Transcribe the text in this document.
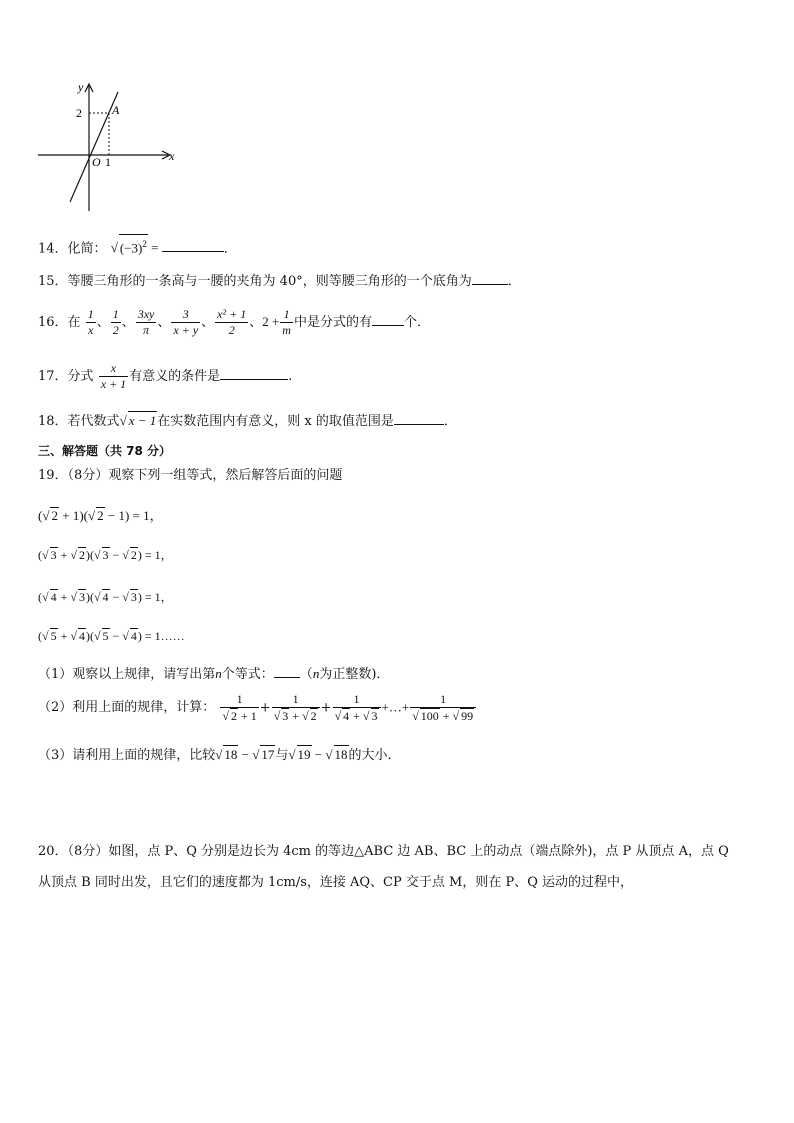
y
x
2
1
O
A
14．化简： √ $(-3)^2$ =	．
15．等腰三角形的一条高与一腰的夹角为 40°，则等腰三角形的一个底角为	．
16．在 $\frac{1}{x}$ 、 $\frac{1}{2}$ 、 $\frac{3xy}{\pi}$ 、 $\frac{3}{x + y}$ 、 $\frac{\text{x² + 1}}{2}$ 、$2 + \frac{1}{m}$ 中是分式的有 个．
17．分式 $\frac{x}{x + 1}$ 有意义的条件是	.
18．若代数式√ x − 1在实数范围内有意义，则 x 的取值范围是	．
三、解答题（共 78 分）
19．（8分）观察下列一组等式，然后解答后面的问题
(√ 2 + 1)(√ 2 − 1) = 1，
(√ 3 + √ 2)(√ 3 − √ 2) = 1，
(√ 4 + √ 3)(√ 4 − √ 3) = 1，
(√ 5 + √ 4)(√ 5 − √ 4) = 1……
（1）观察以上规律，请写出第n个等式： （n为正整数)．
（2）利用上面的规律，计算： $\frac{1}{√ 2 + 1} + \frac{1}{√ 3 + √ 2} + \frac{1}{√ 4 + √ 3}$ +…+ $\frac{1}{√ 100 + √ 99}$
（3）请利用上面的规律，比较√ 18 − √ 17与√ 19 − √ 18的大小．
20．（8分）如图，点 P、Q 分别是边长为 4cm 的等边△ABC 边 AB、BC 上的动点（端点除外)，点 P 从顶点 A，点 Q
从顶点 B 同时出发，且它们的速度都为 1cm/s，连接 AQ、CP 交于点 M，则在 P、Q 运动的过程中，
